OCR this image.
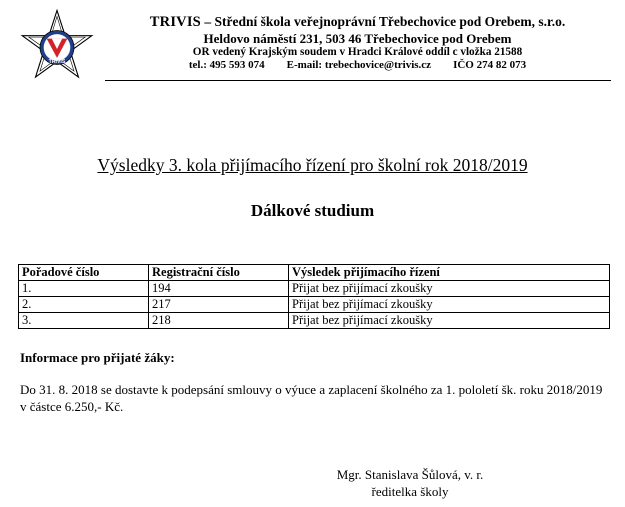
TRIVIS
TRIVIS – Střední škola veřejnoprávní Třebechovice pod Orebem, s.r.o.
Heldovo náměstí 231, 503 46 Třebechovice pod Orebem
OR vedený Krajským soudem v Hradci Králové oddíl c vložka 21588
tel.: 495 593 074 E-mail: trebechovice@trivis.cz IČO 274 82 073
Výsledky 3. kola přijímacího řízení pro školní rok 2018/2019
Dálkové studium
Pořadové číslo	Registrační číslo	Výsledek přijímacího řízení
1.	194	Přijat bez přijímací zkoušky
2.	217	Přijat bez přijímací zkoušky
3.	218	Přijat bez přijímací zkoušky
Informace pro přijaté žáky:
Do 31. 8. 2018 se dostavte k podepsání smlouvy o výuce a zaplacení školného za 1. pololetí šk. roku 2018/2019 v částce 6.250,- Kč.
Mgr. Stanislava Šůlová, v. r.
ředitelka školy
